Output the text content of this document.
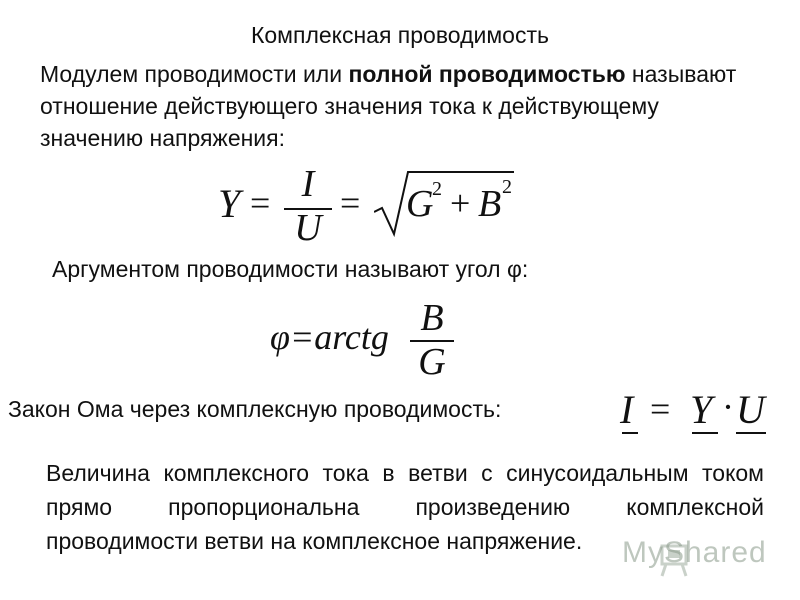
Комплексная проводимость
Модулем проводимости или полной проводимостью называют отношение действующего значения тока к действующему значению напряжения:
Y = I
U
= G
2 + B 2
Аргументом проводимости называют угол φ:
φ=arctg B
G
Закон Ома через комплексную проводимость:	I = Y · U
Величина комплексного тока в ветви с синусоидальным током прямо пропорциональна произведению комплексной проводимости ветви на комплексное напряжение.	MyShared
